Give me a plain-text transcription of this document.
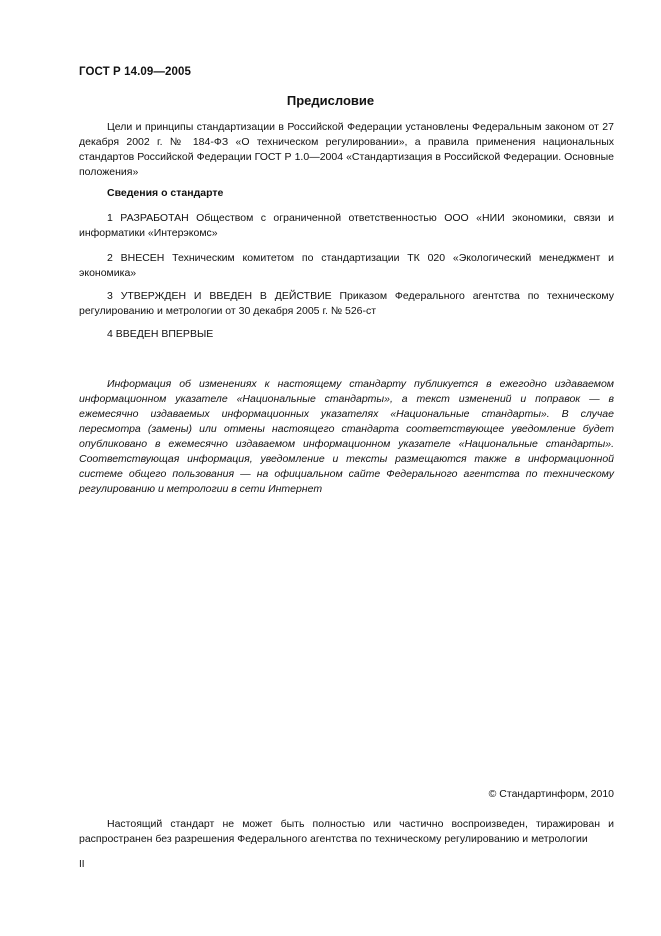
ГОСТ Р 14.09—2005
Предисловие

Цели и принципы стандартизации в Российской Федерации установлены Федеральным законом от 27 декабря 2002 г. № 184-ФЗ «О техническом регулировании», а правила применения национальных стандартов Российской Федерации ГОСТ Р 1.0—2004 «Стандартизация в Российской Федерации. Основные положения»

Сведения о стандарте

1 РАЗРАБОТАН Обществом с ограниченной ответственностью ООО «НИИ экономики, связи и информатики «Интерэкомс»

2 ВНЕСЕН Техническим комитетом по стандартизации ТК 020 «Экологический менеджмент и экономика»

3 УТВЕРЖДЕН И ВВЕДЕН В ДЕЙСТВИЕ Приказом Федерального агентства по техническому регулированию и метрологии от 30 декабря 2005 г. № 526-ст

4 ВВЕДЕН ВПЕРВЫЕ

Информация об изменениях к настоящему стандарту публикуется в ежегодно издаваемом информационном указателе «Национальные стандарты», а текст изменений и поправок — в ежемесячно издаваемых информационных указателях «Национальные стандарты». В случае пересмотра (замены) или отмены настоящего стандарта соответствующее уведомление будет опубликовано в ежемесячно издаваемом информационном указателе «Национальные стандарты». Соответствующая информация, уведомление и тексты размещаются также в информационной системе общего пользования — на официальном сайте Федерального агентства по техническому регулированию и метрологии в сети Интернет

© Стандартинформ, 2010

Настоящий стандарт не может быть полностью или частично воспроизведен, тиражирован и распространен без разрешения Федерального агентства по техническому регулированию и метрологии

II
